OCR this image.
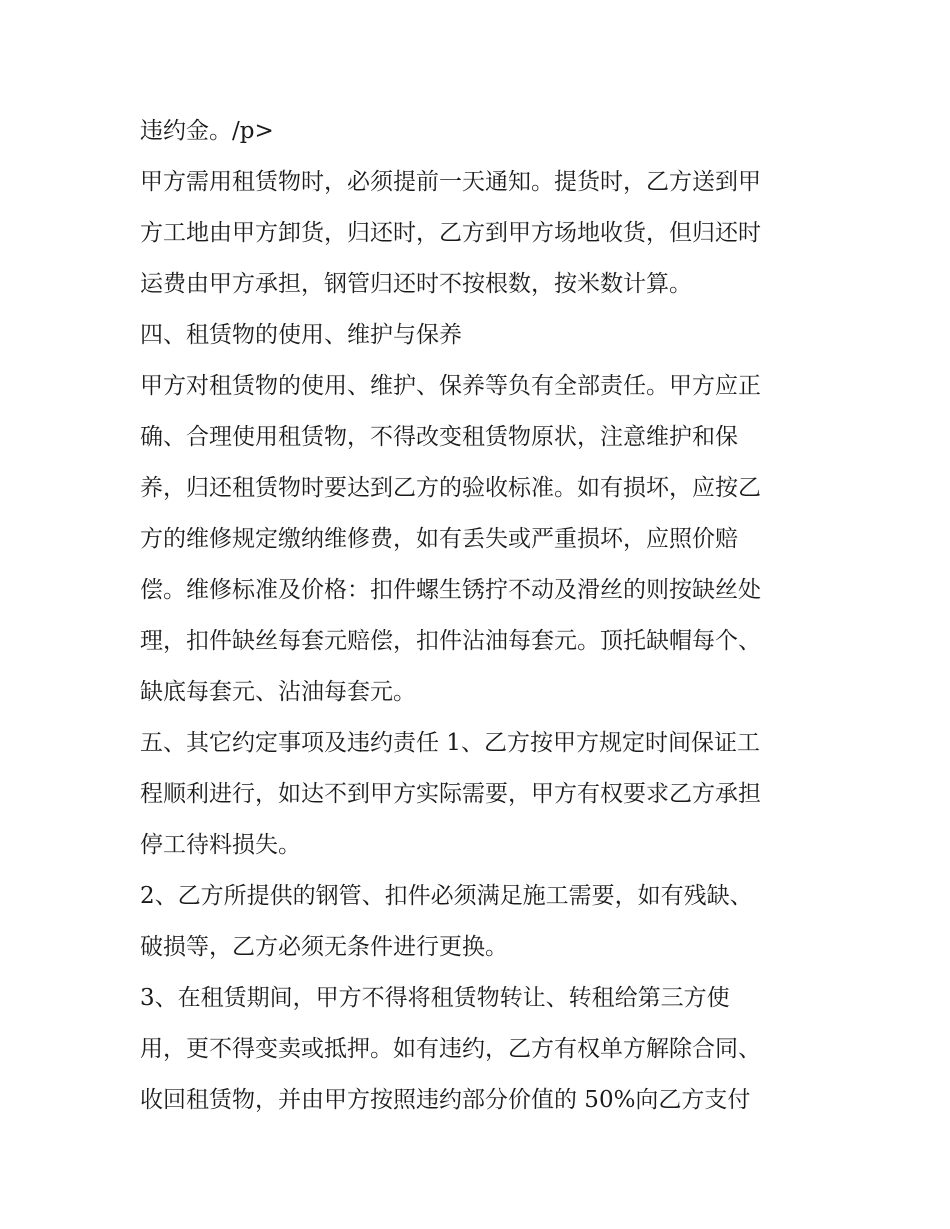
违约金。/p>

甲方需用租赁物时，必须提前一天通知。提货时，乙方送到甲
方工地由甲方卸货，归还时，乙方到甲方场地收货，但归还时
运费由甲方承担，钢管归还时不按根数，按米数计算。

四、租赁物的使用、维护与保养

甲方对租赁物的使用、维护、保养等负有全部责任。甲方应正
确、合理使用租赁物，不得改变租赁物原状，注意维护和保
养，归还租赁物时要达到乙方的验收标准。如有损坏，应按乙
方的维修规定缴纳维修费，如有丢失或严重损坏，应照价赔
偿。维修标准及价格：扣件螺生锈拧不动及滑丝的则按缺丝处
理，扣件缺丝每套元赔偿，扣件沾油每套元。顶托缺帽每个、
缺底每套元、沾油每套元。

五、其它约定事项及违约责任 1、乙方按甲方规定时间保证工
程顺利进行，如达不到甲方实际需要，甲方有权要求乙方承担
停工待料损失。

2、乙方所提供的钢管、扣件必须满足施工需要，如有残缺、
破损等，乙方必须无条件进行更换。

3、在租赁期间，甲方不得将租赁物转让、转租给第三方使
用，更不得变卖或抵押。如有违约，乙方有权单方解除合同、
收回租赁物，并由甲方按照违约部分价值的 50%向乙方支付
